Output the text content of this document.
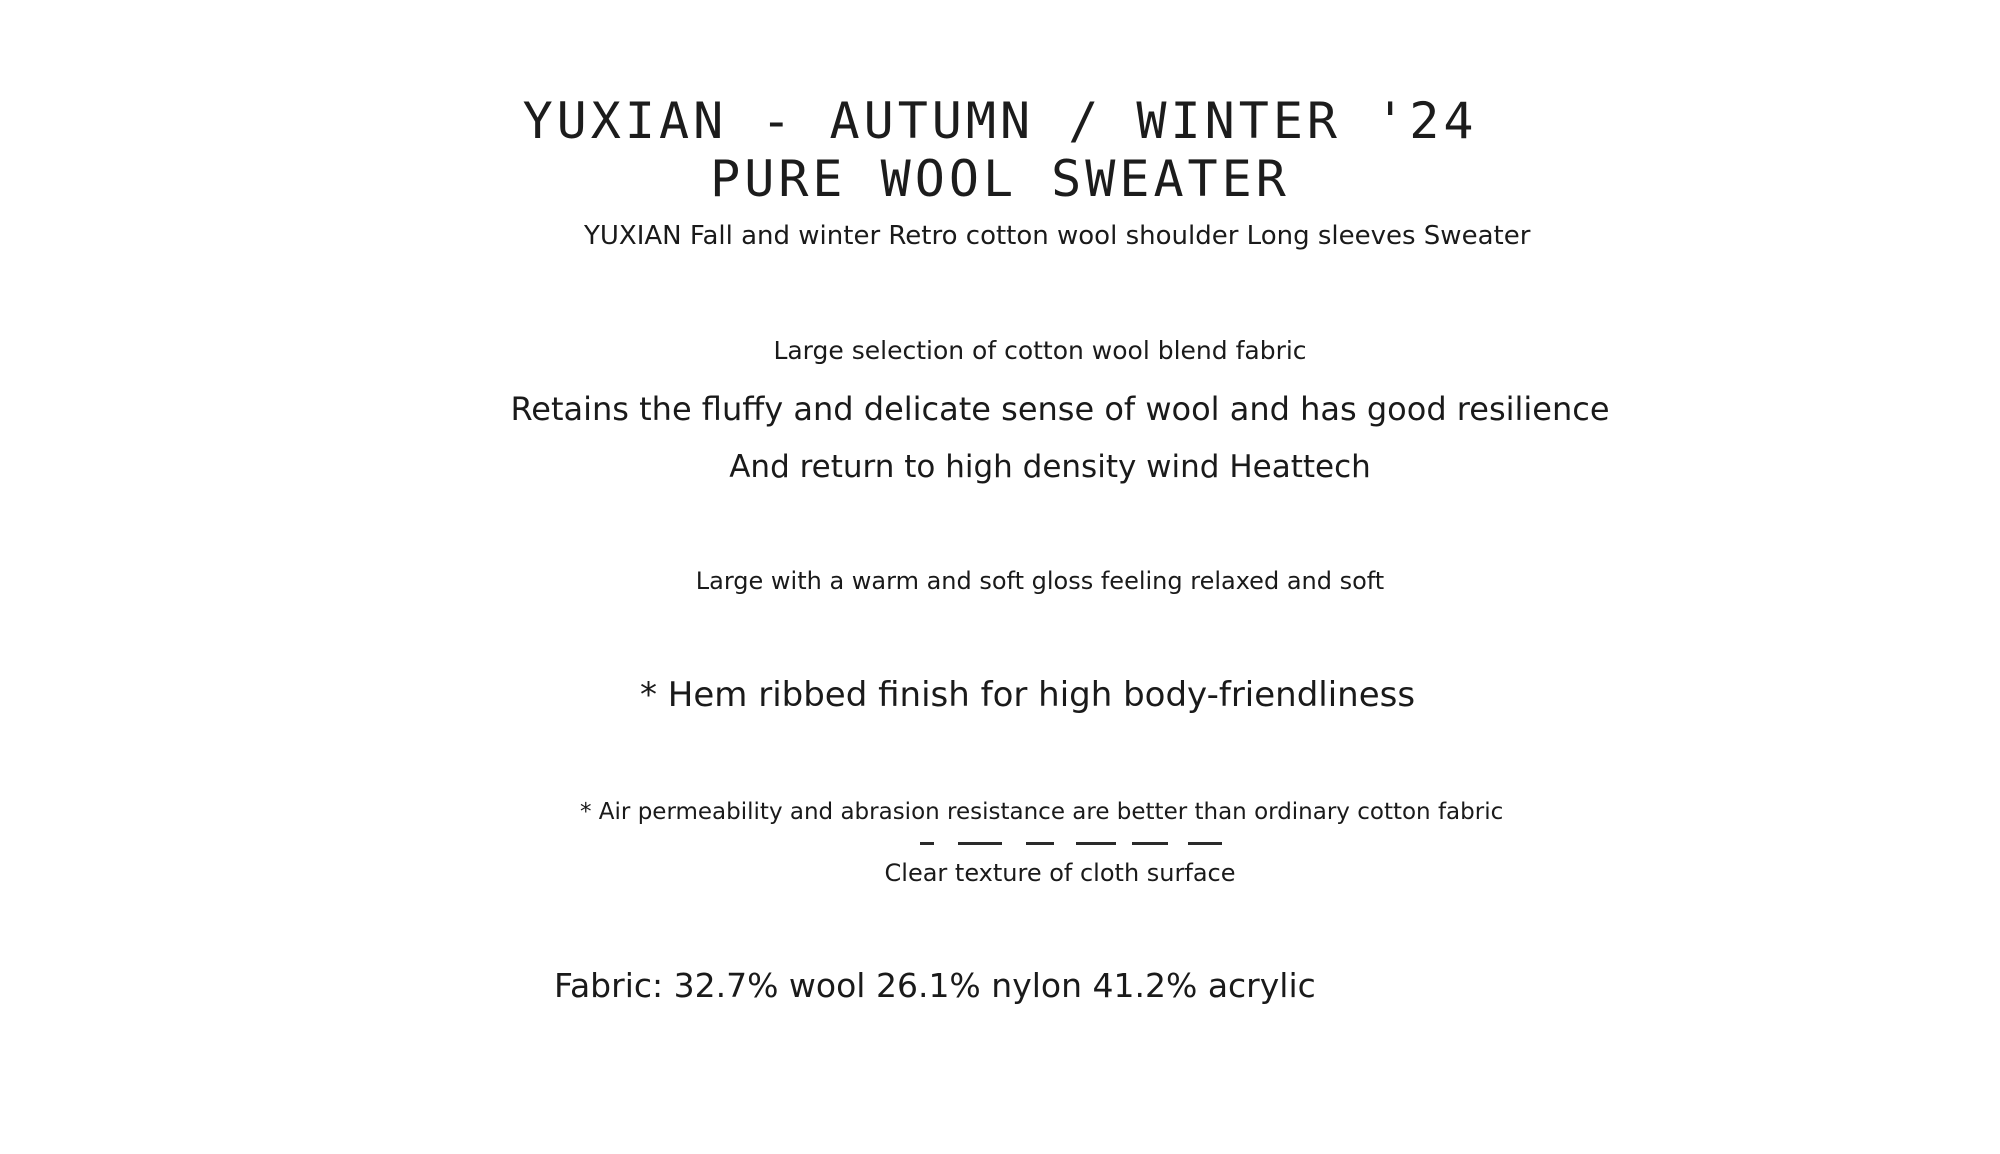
YUXIAN - AUTUMN / WINTER '24
PURE WOOL SWEATER

YUXIAN Fall and winter Retro cotton wool shoulder Long sleeves Sweater

Large selection of cotton wool blend fabric

Retains the fluffy and delicate sense of wool and has good resilience

And return to high density wind Heattech

Large with a warm and soft gloss feeling relaxed and soft

* Hem ribbed finish for high body-friendliness

* Air permeability and abrasion resistance are better than ordinary cotton fabric

Clear texture of cloth surface

Fabric: 32.7% wool 26.1% nylon 41.2% acrylic
